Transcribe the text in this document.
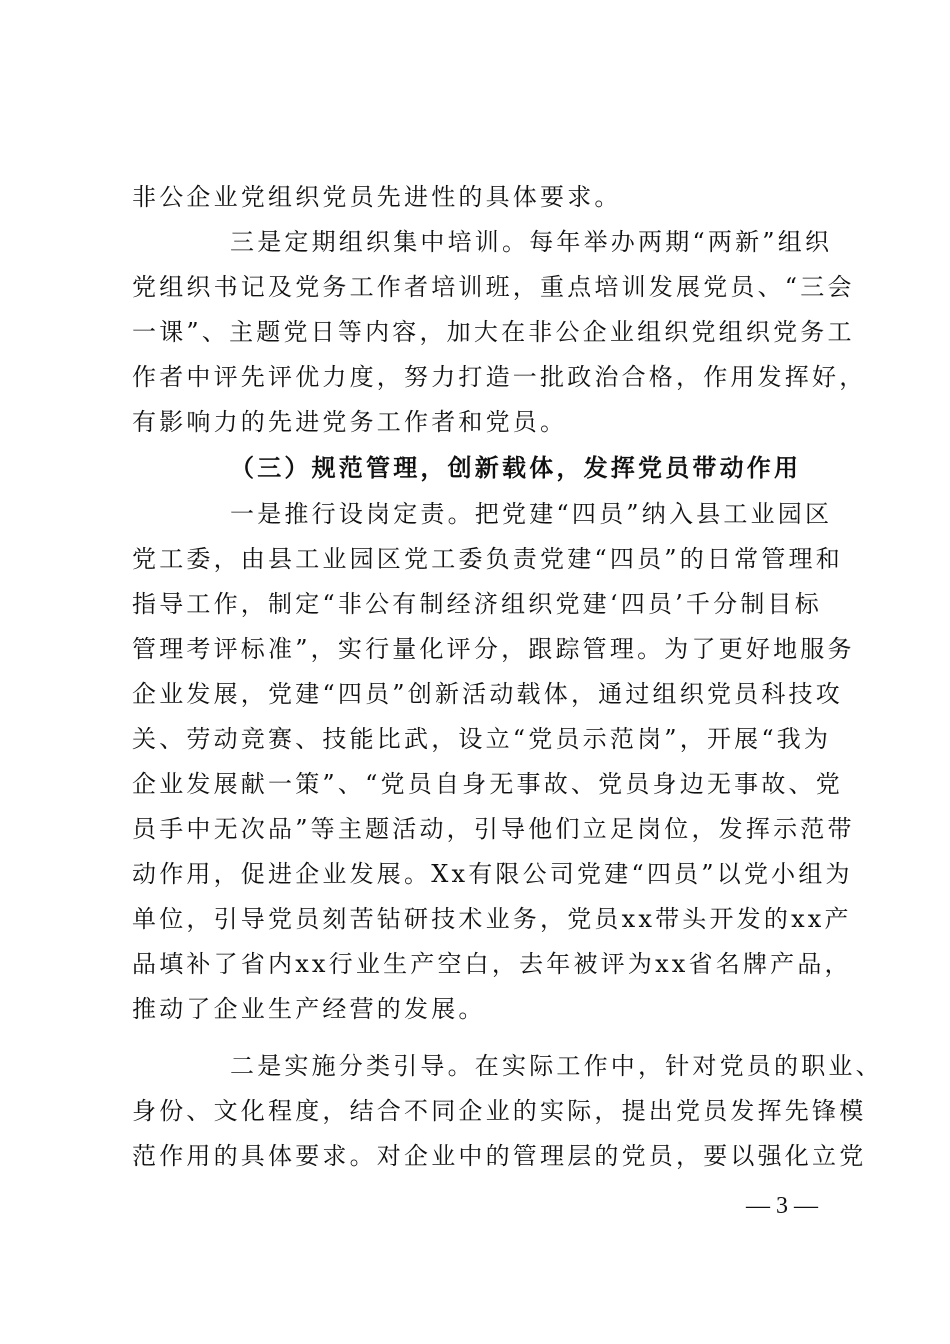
非公企业党组织党员先进性的具体要求。
三是定期组织集中培训。每年举办两期“两新”组织
党组织书记及党务工作者培训班，重点培训发展党员、“三会
一课”、主题党日等内容，加大在非公企业组织党组织党务工
作者中评先评优力度，努力打造一批政治合格，作用发挥好，
有影响力的先进党务工作者和党员。
（三）规范管理，创新载体，发挥党员带动作用
一是推行设岗定责。把党建“四员”纳入县工业园区
党工委，由县工业园区党工委负责党建“四员”的日常管理和
指导工作，制定“非公有制经济组织党建‘四员’千分制目标
管理考评标准”，实行量化评分，跟踪管理。为了更好地服务
企业发展，党建“四员”创新活动载体，通过组织党员科技攻
关、劳动竞赛、技能比武，设立“党员示范岗”，开展“我为
企业发展献一策”、“党员自身无事故、党员身边无事故、党
员手中无次品”等主题活动，引导他们立足岗位，发挥示范带
动作用，促进企业发展。Xx有限公司党建“四员”以党小组为
单位，引导党员刻苦钻研技术业务，党员xx带头开发的xx产
品填补了省内xx行业生产空白，去年被评为xx省名牌产品，
推动了企业生产经营的发展。
二是实施分类引导。在实际工作中，针对党员的职业、
身份、文化程度，结合不同企业的实际，提出党员发挥先锋模
范作用的具体要求。对企业中的管理层的党员，要以强化立党
— 3 —
